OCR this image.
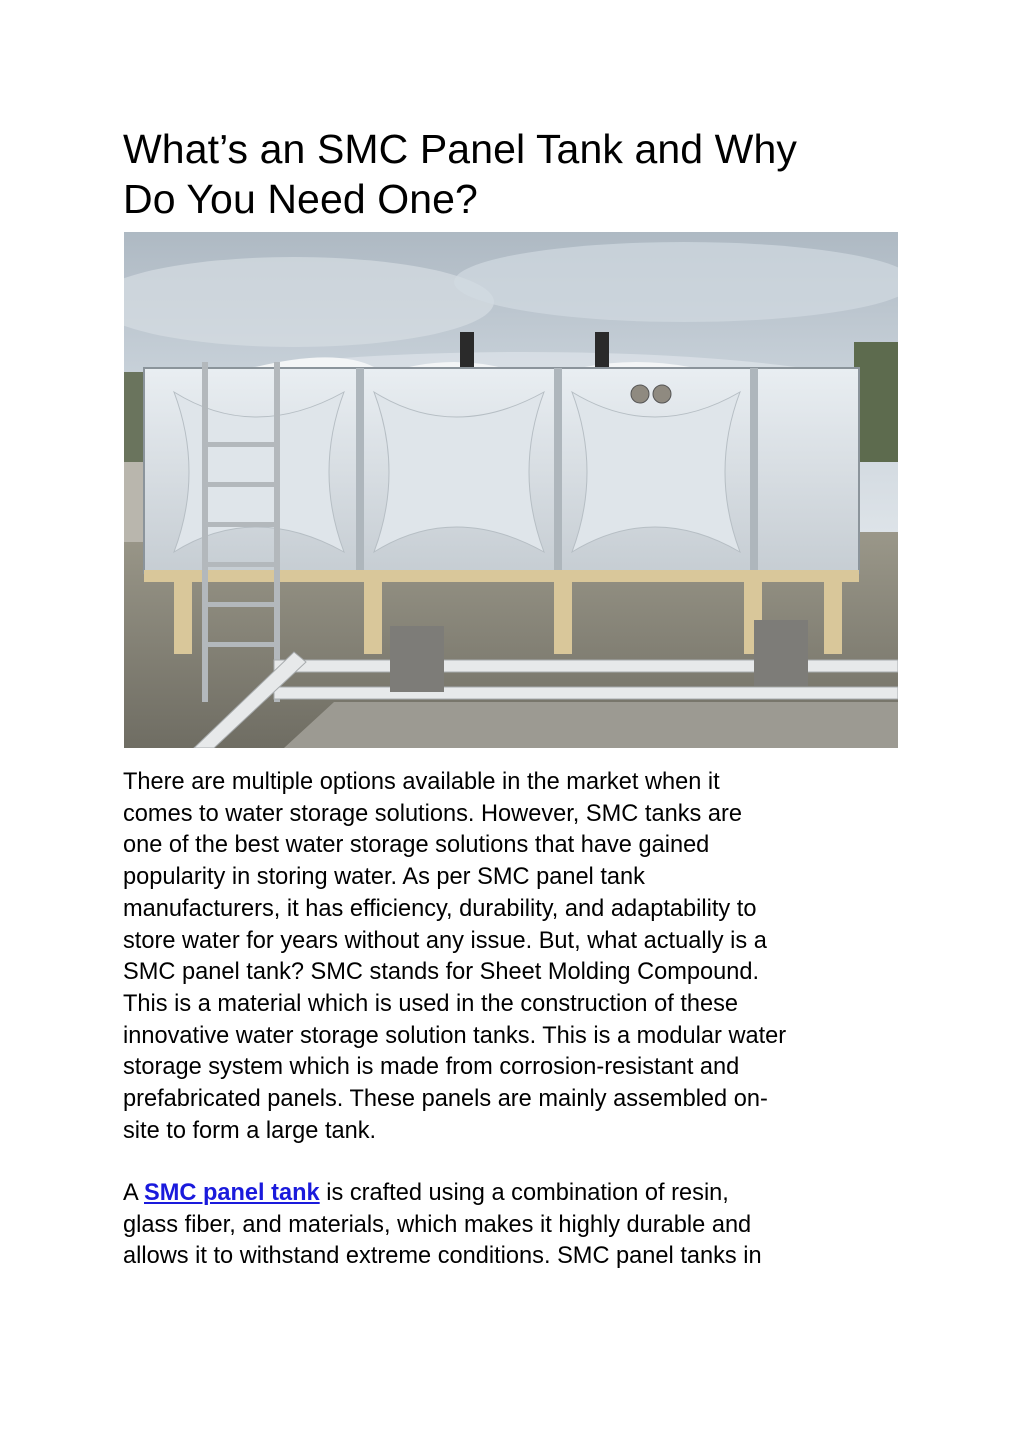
What’s an SMC Panel Tank and Why
Do You Need One?

There are multiple options available in the market when it
comes to water storage solutions. However, SMC tanks are
one of the best water storage solutions that have gained
popularity in storing water. As per SMC panel tank
manufacturers, it has efficiency, durability, and adaptability to
store water for years without any issue. But, what actually is a
SMC panel tank? SMC stands for Sheet Molding Compound.
This is a material which is used in the construction of these
innovative water storage solution tanks. This is a modular water
storage system which is made from corrosion-resistant and
prefabricated panels. These panels are mainly assembled on-
site to form a large tank.

A SMC panel tank is crafted using a combination of resin,
glass fiber, and materials, which makes it highly durable and
allows it to withstand extreme conditions. SMC panel tanks in
